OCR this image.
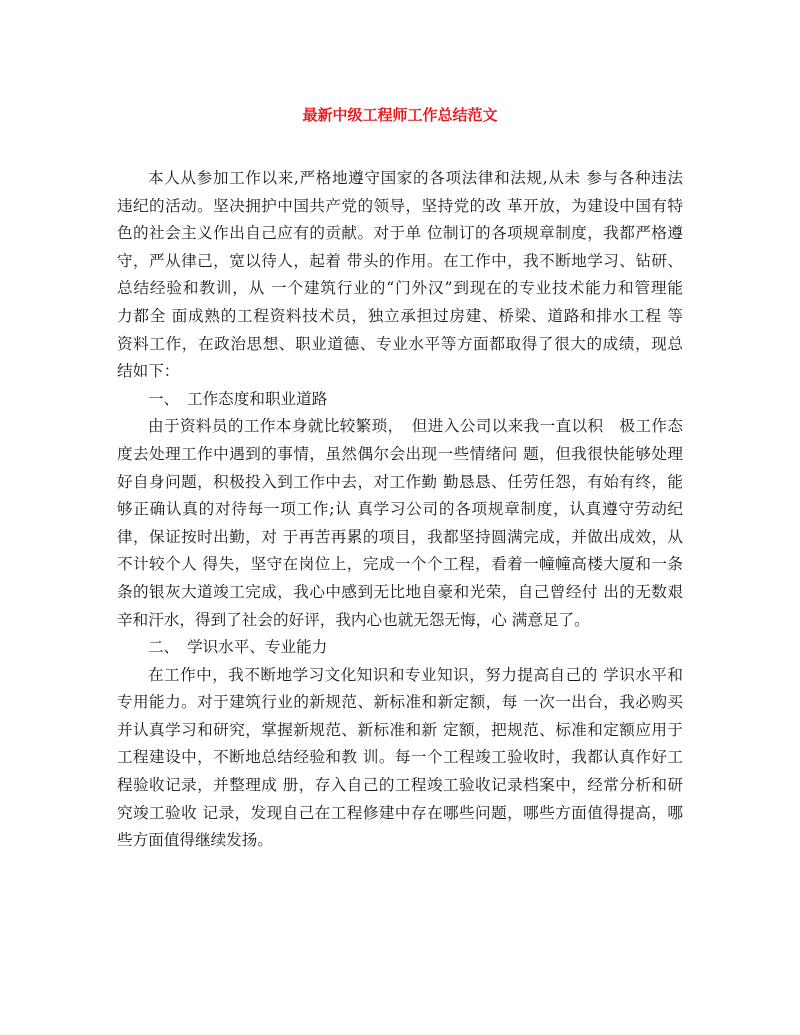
最新中级工程师工作总结范文
本人从参加工作以来,严格地遵守国家的各项法律和法规,从未 参与各种违法
违纪的活动。坚决拥护中国共产党的领导，坚持党的改 革开放，为建设中国有特
色的社会主义作出自己应有的贡献。对于单 位制订的各项规章制度，我都严格遵
守，严从律己，宽以待人，起着 带头的作用。在工作中，我不断地学习、钻研、
总结经验和教训，从 一个建筑行业的“门外汉”到现在的专业技术能力和管理能
力都全 面成熟的工程资料技术员，独立承担过房建、桥梁、道路和排水工程 等
资料工作，在政治思想、职业道德、专业水平等方面都取得了很大的成绩，现总
结如下：
一、　工作态度和职业道路
由于资料员的工作本身就比较繁琐，　但进入公司以来我一直以积　极工作态
度去处理工作中遇到的事情，虽然偶尔会出现一些情绪问 题，但我很快能够处理
好自身问题，积极投入到工作中去，对工作勤 勤恳恳、任劳任怨，有始有终，能
够正确认真的对待每一项工作;认 真学习公司的各项规章制度，认真遵守劳动纪
律，保证按时出勤，对 于再苦再累的项目，我都坚持圆满完成，并做出成效，从
不计较个人 得失，坚守在岗位上，完成一个个工程，看着一幢幢高楼大厦和一条
条的银灰大道竣工完成，我心中感到无比地自豪和光荣，自己曾经付 出的无数艰
辛和汗水，得到了社会的好评，我内心也就无怨无悔，心 满意足了。
二、　学识水平、专业能力
在工作中，我不断地学习文化知识和专业知识，努力提高自己的 学识水平和
专用能力。对于建筑行业的新规范、新标准和新定额，每 一次一出台，我必购买
并认真学习和研究，掌握新规范、新标准和新 定额，把规范、标准和定额应用于
工程建设中，不断地总结经验和教 训。每一个工程竣工验收时，我都认真作好工
程验收记录，并整理成 册，存入自己的工程竣工验收记录档案中，经常分析和研
究竣工验收 记录，发现自己在工程修建中存在哪些问题，哪些方面值得提高，哪
些方面值得继续发扬。
